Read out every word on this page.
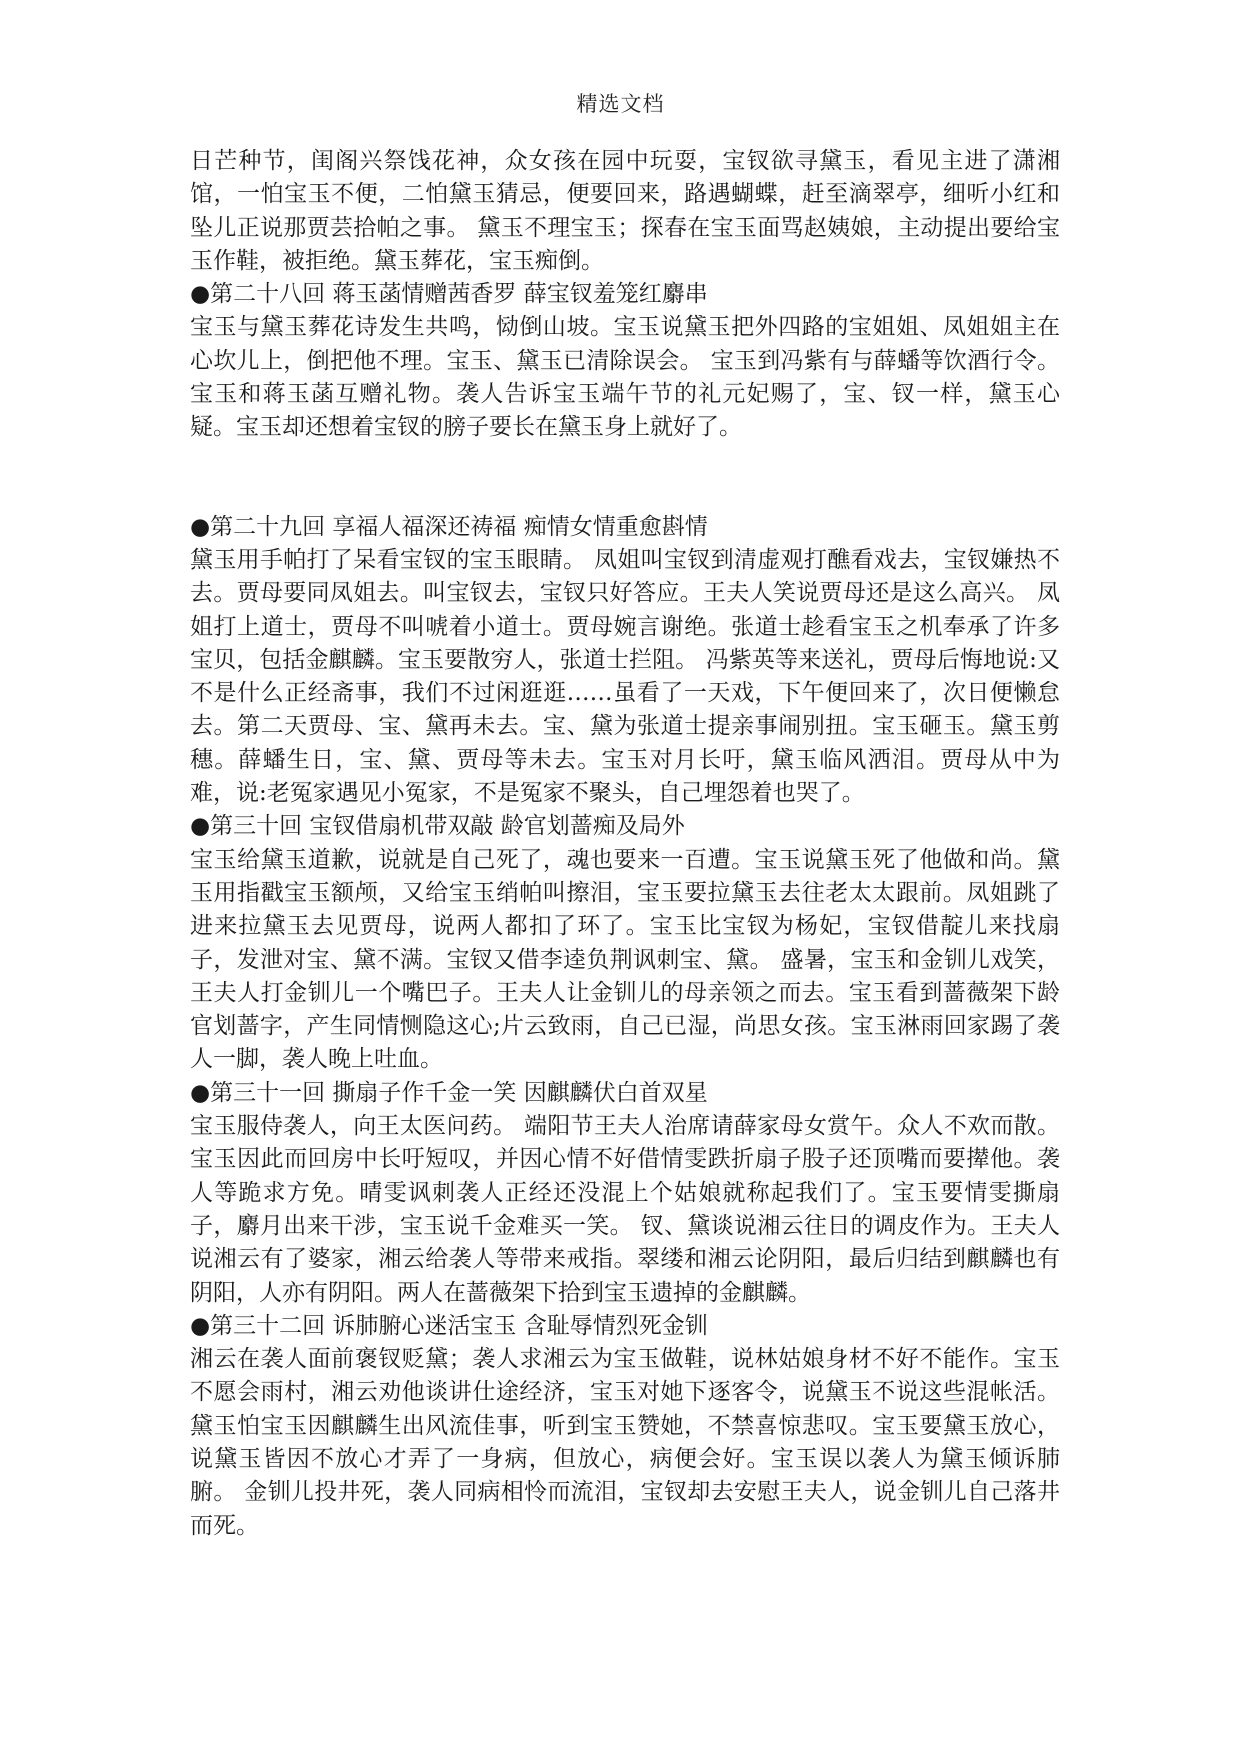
精选文档

日芒种节，闺阁兴祭饯花神，众女孩在园中玩耍，宝钗欲寻黛玉，看见主进了潇湘馆，一怕宝玉不便，二怕黛玉猜忌，便要回来，路遇蝴蝶，赶至滴翠亭，细听小红和坠儿正说那贾芸拾帕之事。 黛玉不理宝玉；探春在宝玉面骂赵姨娘，主动提出要给宝玉作鞋，被拒绝。黛玉葬花，宝玉痴倒。

●第二十八回 蒋玉菡情赠茜香罗 薛宝钗羞笼红麝串

宝玉与黛玉葬花诗发生共鸣，恸倒山坡。宝玉说黛玉把外四路的宝姐姐、凤姐姐主在心坎儿上，倒把他不理。宝玉、黛玉已清除误会。 宝玉到冯紫有与薛蟠等饮酒行令。宝玉和蒋玉菡互赠礼物。袭人告诉宝玉端午节的礼元妃赐了，宝、钗一样，黛玉心疑。宝玉却还想着宝钗的膀子要长在黛玉身上就好了。

●第二十九回 享福人福深还祷福 痴情女情重愈斟情

黛玉用手帕打了呆看宝钗的宝玉眼睛。 凤姐叫宝钗到清虚观打醮看戏去，宝钗嫌热不去。贾母要同凤姐去。叫宝钗去，宝钗只好答应。王夫人笑说贾母还是这么高兴。 凤姐打上道士，贾母不叫唬着小道士。贾母婉言谢绝。张道士趁看宝玉之机奉承了许多宝贝，包括金麒麟。宝玉要散穷人，张道士拦阻。 冯紫英等来送礼，贾母后悔地说:又不是什么正经斋事，我们不过闲逛逛……虽看了一天戏，下午便回来了，次日便懒怠去。第二天贾母、宝、黛再未去。宝、黛为张道士提亲事闹别扭。宝玉砸玉。黛玉剪穗。薛蟠生日，宝、黛、贾母等未去。宝玉对月长吁，黛玉临风洒泪。贾母从中为难，说:老冤家遇见小冤家，不是冤家不聚头，自己埋怨着也哭了。

●第三十回 宝钗借扇机带双敲 龄官划蔷痴及局外

宝玉给黛玉道歉，说就是自己死了，魂也要来一百遭。宝玉说黛玉死了他做和尚。黛玉用指戳宝玉额颅，又给宝玉绡帕叫擦泪，宝玉要拉黛玉去往老太太跟前。凤姐跳了进来拉黛玉去见贾母，说两人都扣了环了。宝玉比宝钗为杨妃，宝钗借靛儿来找扇子，发泄对宝、黛不满。宝钗又借李逵负荆讽刺宝、黛。 盛暑，宝玉和金钏儿戏笑，王夫人打金钏儿一个嘴巴子。王夫人让金钏儿的母亲领之而去。宝玉看到蔷薇架下龄官划蔷字，产生同情恻隐这心;片云致雨，自己已湿，尚思女孩。宝玉淋雨回家踢了袭人一脚，袭人晚上吐血。

●第三十一回 撕扇子作千金一笑 因麒麟伏白首双星

宝玉服侍袭人，向王太医问药。 端阳节王夫人治席请薛家母女赏午。众人不欢而散。宝玉因此而回房中长吁短叹，并因心情不好借情雯跌折扇子股子还顶嘴而要撵他。袭人等跪求方免。晴雯讽刺袭人正经还没混上个姑娘就称起我们了。宝玉要情雯撕扇子，麝月出来干涉，宝玉说千金难买一笑。 钗、黛谈说湘云往日的调皮作为。王夫人说湘云有了婆家，湘云给袭人等带来戒指。翠缕和湘云论阴阳，最后归结到麒麟也有阴阳，人亦有阴阳。两人在蔷薇架下拾到宝玉遗掉的金麒麟。

●第三十二回 诉肺腑心迷活宝玉 含耻辱情烈死金钏

湘云在袭人面前褒钗贬黛；袭人求湘云为宝玉做鞋，说林姑娘身材不好不能作。宝玉不愿会雨村，湘云劝他谈讲仕途经济，宝玉对她下逐客令，说黛玉不说这些混帐活。黛玉怕宝玉因麒麟生出风流佳事，听到宝玉赞她，不禁喜惊悲叹。宝玉要黛玉放心，说黛玉皆因不放心才弄了一身病，但放心，病便会好。宝玉误以袭人为黛玉倾诉肺腑。 金钏儿投井死，袭人同病相怜而流泪，宝钗却去安慰王夫人，说金钏儿自己落井而死。
